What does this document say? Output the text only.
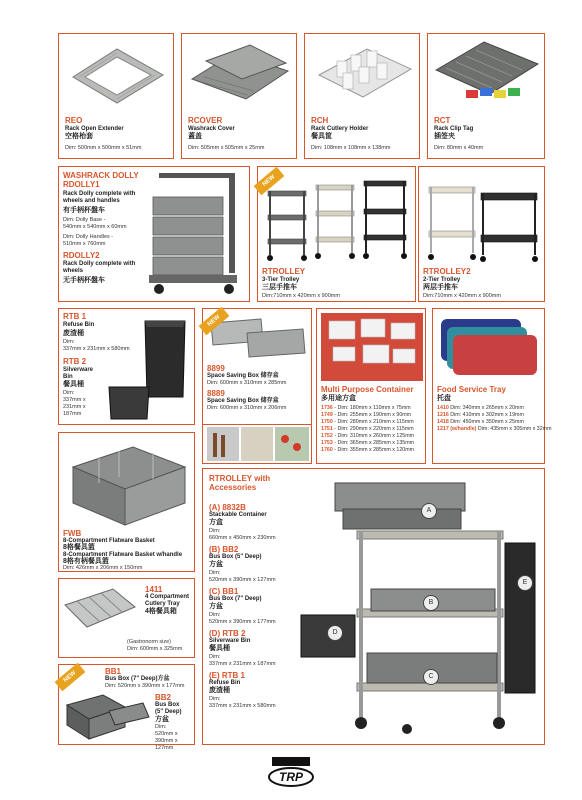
REO
Rack Open Extender
空格枱套
Dim: 500mm x 500mm x 51mm
RCOVER
Washrack Cover
蓋盖
Dim: 505mm x 505mm x 25mm
RCH
Rack Cutlery Holder
餐具筐
Dim: 108mm x 108mm x 138mm
RCT
Rack Clip Tag
插签夹
Dim: 80mm x 40mm
WASHRACK DOLLY
RDOLLY1
Rack Dolly complete with wheels and handles
有手柄杯盤车
Dim: Dolly Base -
540mm x 540mm x 60mm
Dim: Dolly Handles -
510mm x 760mm
RDOLLY2
Rack Dolly complete with wheels
无手柄杯盤车
NEW
RTROLLEY
3-Tier Trolley
三层手推车
Dim:710mm x 420mm x 900mm
RTROLLEY2
2-Tier Trolley
两层手推车
Dim:710mm x 420mm x 900mm
RTB 1
Refuse Bin
废渣桶
Dim:
337mm x 231mm x 580mm
RTB 2
Silverware Bin
餐具桶
Dim:
337mm x
231mm x
187mm
NEW
8899
Space Saving Box 储存盒
Dim: 600mm x 310mm x 285mm
8889
Space Saving Box 储存盒
Dim: 600mm x 310mm x 206mm
Multi Purpose Container
多用途方盒
1736 - Dim: 180mm x 110mm x 75mm
1749 - Dim: 255mm x 190mm x 90mm
1750 - Dim: 280mm x 210mm x 115mm
1751 - Dim: 290mm x 220mm x 115mm
1752 - Dim: 310mm x 260mm x 125mm
1753 - Dim: 365mm x 285mm x 135mm
1760 - Dim: 355mm x 285mm x 120mm
Food Service Tray
托盘
1410 Dim: 340mm x 265mm x 20mm
1216 Dim: 410mm x 302mm x 19mm
1418 Dim: 450mm x 350mm x 25mm
1217 (w/handle) Dim: 435mm x 305mm x 32mm
FWB
8-Compartment Flatware Basket
8格餐具篮
8-Compartment Flatware Basket w/handle
8格有柄餐具篮
Dim: 426mm x 206mm x 150mm
RTROLLEY with
Accessories
(A) 8832B
Stackable Container
方盒
Dim:
660mm x 450mm x 230mm
(B) BB2
Bus Box (5" Deep)
方盆
Dim:
520mm x 390mm x 127mm
(C) BB1
Bus Box (7" Deep)
方盆
Dim:
520mm x 390mm x 177mm
(D) RTB 2
Silverware Bin
餐具桶
Dim:
337mm x 231mm x 187mm
(E) RTB 1
Refuse Bin
废渣桶
Dim:
337mm x 231mm x 580mm
A
B
C
D
E
1411
4 Compartment
Cutlery Tray
4格餐具箱
(Gastronorm size)
Dim: 600mm x 325mm
NEW	BB1
Bus Box (7" Deep)方盆
Dim: 520mm x 390mm x 177mm
BB2
Bus Box
(5" Deep)
方盆
Dim:
520mm x
390mm x 127mm
TRP
